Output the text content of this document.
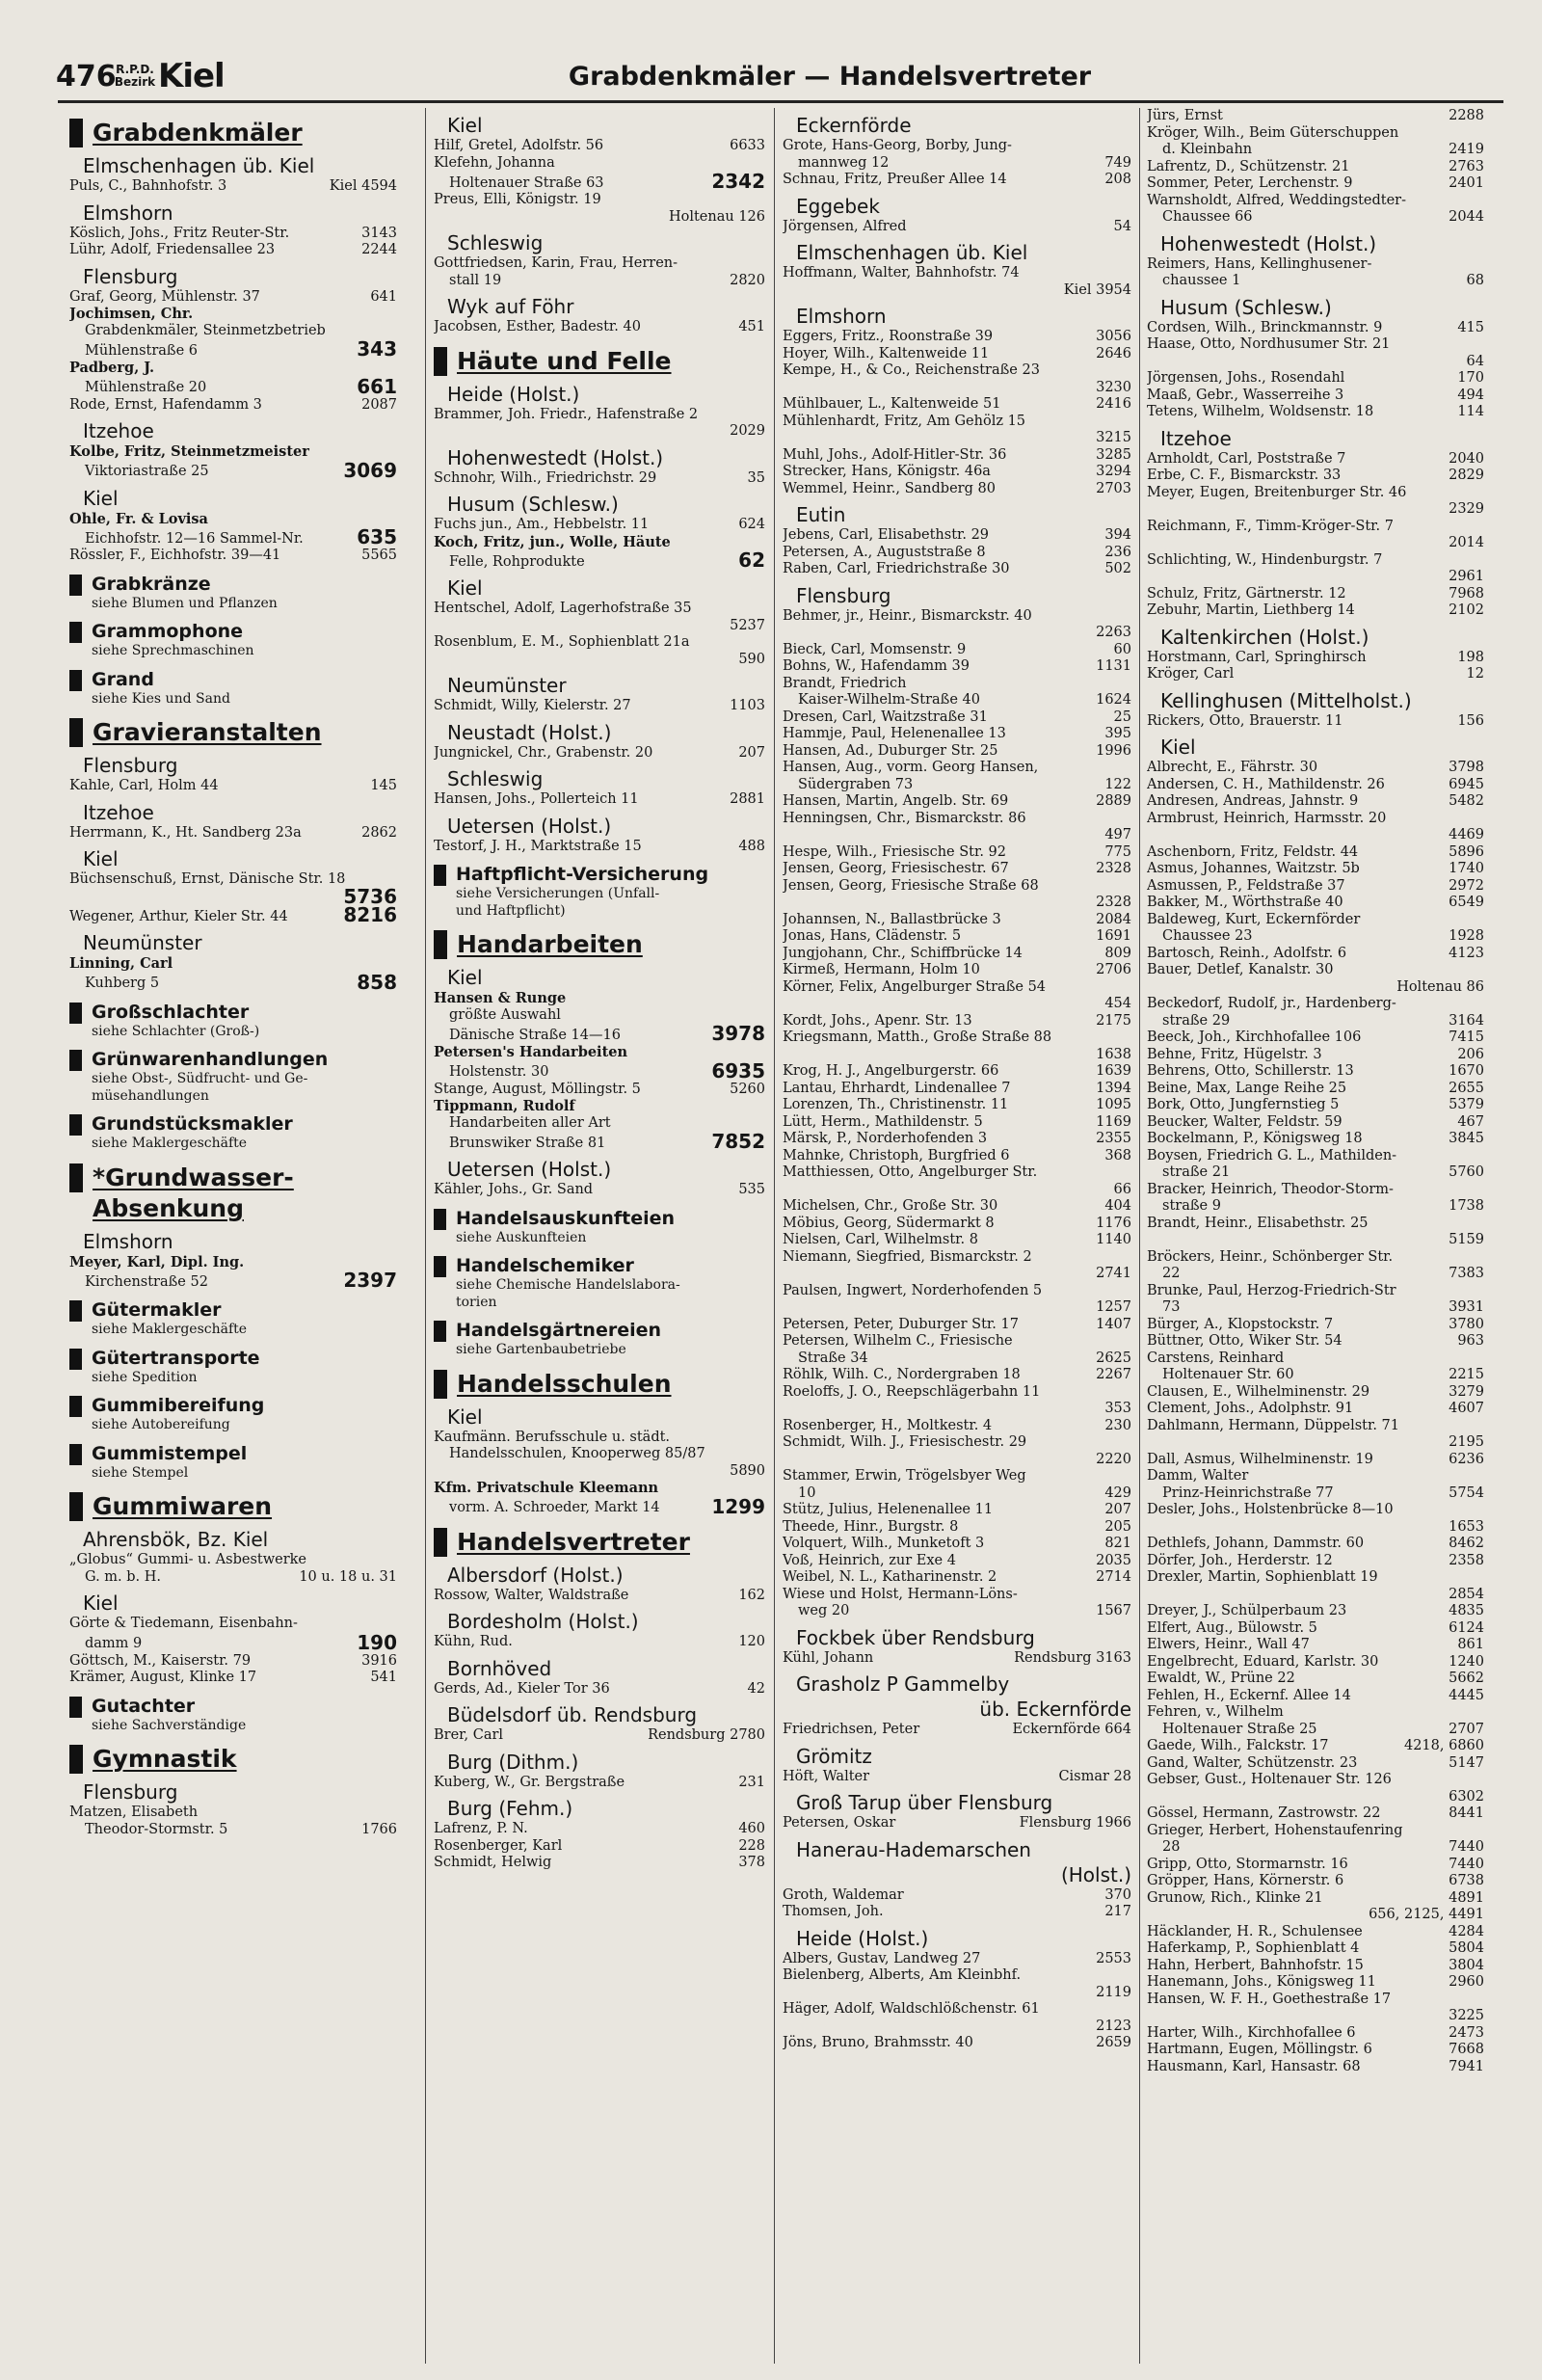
476 R.P.D.
Bezirk Kiel	Grabdenkmäler — Handelsvertreter
Grabdenkmäler
Elmschenhagen üb. Kiel
Puls, C., Bahnhofstr. 3	Kiel 4594
Elmshorn
Köslich, Johs., Fritz Reuter-Str.	3143
Lühr, Adolf, Friedensallee 23	2244
Flensburg
Graf, Georg, Mühlenstr. 37	641
Jochimsen, Chr.
Grabdenkmäler, Steinmetzbetrieb
Mühlenstraße 6	343
Padberg, J.
Mühlenstraße 20	661
Rode, Ernst, Hafendamm 3	2087
Itzehoe
Kolbe, Fritz, Steinmetzmeister
Viktoriastraße 25	3069
Kiel
Ohle, Fr. & Lovisa
Eichhofstr. 12—16 Sammel-Nr.	635
Rössler, F., Eichhofstr. 39—41	5565
Grabkränze
siehe Blumen und Pflanzen
Grammophone
siehe Sprechmaschinen
Grand
siehe Kies und Sand
Gravieranstalten
Flensburg
Kahle, Carl, Holm 44	145
Itzehoe
Herrmann, K., Ht. Sandberg 23a	2862
Kiel
Büchsenschuß, Ernst, Dänische Str. 18
5736
Wegener, Arthur, Kieler Str. 44	8216
Neumünster
Linning, Carl
Kuhberg 5	858
Großschlachter
siehe Schlachter (Groß-)
Grünwarenhandlungen
siehe Obst-, Südfrucht- und Ge-
müsehandlungen
Grundstücksmakler
siehe Maklergeschäfte
*Grundwasser-
Absenkung
Elmshorn
Meyer, Karl, Dipl. Ing.
Kirchenstraße 52	2397
Gütermakler
siehe Maklergeschäfte
Gütertransporte
siehe Spedition
Gummibereifung
siehe Autobereifung
Gummistempel
siehe Stempel
Gummiwaren
Ahrensbök, Bz. Kiel
„Globus“ Gummi- u. Asbestwerke
G. m. b. H.	10 u. 18 u. 31
Kiel
Görte & Tiedemann, Eisenbahn-
damm 9	190
Göttsch, M., Kaiserstr. 79	3916
Krämer, August, Klinke 17	541
Gutachter
siehe Sachverständige
Gymnastik
Flensburg
Matzen, Elisabeth
Theodor-Stormstr. 5	1766
Kiel
Hilf, Gretel, Adolfstr. 56	6633
Klefehn, Johanna
Holtenauer Straße 63	2342
Preus, Elli, Königstr. 19
Holtenau 126
Schleswig
Gottfriedsen, Karin, Frau, Herren-
stall 19	2820
Wyk auf Föhr
Jacobsen, Esther, Badestr. 40	451
Häute und Felle
Heide (Holst.)
Brammer, Joh. Friedr., Hafenstraße 2
2029
Hohenwestedt (Holst.)
Schnohr, Wilh., Friedrichstr. 29	35
Husum (Schlesw.)
Fuchs jun., Am., Hebbelstr. 11	624
Koch, Fritz, jun., Wolle, Häute
Felle, Rohprodukte	62
Kiel
Hentschel, Adolf, Lagerhofstraße 35
5237
Rosenblum, E. M., Sophienblatt 21a
590
Neumünster
Schmidt, Willy, Kielerstr. 27	1103
Neustadt (Holst.)
Jungnickel, Chr., Grabenstr. 20	207
Schleswig
Hansen, Johs., Pollerteich 11	2881
Uetersen (Holst.)
Testorf, J. H., Marktstraße 15	488
Haftpflicht-Versicherung
siehe Versicherungen (Unfall-
und Haftpflicht)
Handarbeiten
Kiel
Hansen & Runge
größte Auswahl
Dänische Straße 14—16	3978
Petersen's Handarbeiten
Holstenstr. 30	6935
Stange, August, Möllingstr. 5	5260
Tippmann, Rudolf
Handarbeiten aller Art
Brunswiker Straße 81	7852
Uetersen (Holst.)
Kähler, Johs., Gr. Sand	535
Handelsauskunfteien
siehe Auskunfteien
Handelschemiker
siehe Chemische Handelslabora-
torien
Handelsgärtnereien
siehe Gartenbaubetriebe
Handelsschulen
Kiel
Kaufmänn. Berufsschule u. städt.
Handelsschulen, Knooperweg 85/87
5890
Kfm. Privatschule Kleemann
vorm. A. Schroeder, Markt 14	1299
Handelsvertreter
Albersdorf (Holst.)
Rossow, Walter, Waldstraße	162
Bordesholm (Holst.)
Kühn, Rud.	120
Bornhöved
Gerds, Ad., Kieler Tor 36	42
Büdelsdorf üb. Rendsburg
Brer, Carl	Rendsburg 2780
Burg (Dithm.)
Kuberg, W., Gr. Bergstraße	231
Burg (Fehm.)
Lafrenz, P. N.	460
Rosenberger, Karl	228
Schmidt, Helwig	378
Eckernförde
Grote, Hans-Georg, Borby, Jung-
mannweg 12	749
Schnau, Fritz, Preußer Allee 14	208
Eggebek
Jörgensen, Alfred	54
Elmschenhagen üb. Kiel
Hoffmann, Walter, Bahnhofstr. 74
Kiel 3954
Elmshorn
Eggers, Fritz., Roonstraße 39	3056
Hoyer, Wilh., Kaltenweide 11	2646
Kempe, H., & Co., Reichenstraße 23
3230
Mühlbauer, L., Kaltenweide 51	2416
Mühlenhardt, Fritz, Am Gehölz 15
3215
Muhl, Johs., Adolf-Hitler-Str. 36	3285
Strecker, Hans, Königstr. 46a	3294
Wemmel, Heinr., Sandberg 80	2703
Eutin
Jebens, Carl, Elisabethstr. 29	394
Petersen, A., Auguststraße 8	236
Raben, Carl, Friedrichstraße 30	502
Flensburg
Behmer, jr., Heinr., Bismarckstr. 40
2263
Bieck, Carl, Momsenstr. 9	60
Bohns, W., Hafendamm 39	1131
Brandt, Friedrich
Kaiser-Wilhelm-Straße 40	1624
Dresen, Carl, Waitzstraße 31	25
Hammje, Paul, Helenenallee 13	395
Hansen, Ad., Duburger Str. 25	1996
Hansen, Aug., vorm. Georg Hansen,
Südergraben 73	122
Hansen, Martin, Angelb. Str. 69	2889
Henningsen, Chr., Bismarckstr. 86
497
Hespe, Wilh., Friesische Str. 92	775
Jensen, Georg, Friesischestr. 67	2328
Jensen, Georg, Friesische Straße 68
2328
Johannsen, N., Ballastbrücke 3	2084
Jonas, Hans, Clädenstr. 5	1691
Jungjohann, Chr., Schiffbrücke 14	809
Kirmeß, Hermann, Holm 10	2706
Körner, Felix, Angelburger Straße 54
454
Kordt, Johs., Apenr. Str. 13	2175
Kriegsmann, Matth., Große Straße 88
1638
Krog, H. J., Angelburgerstr. 66	1639
Lantau, Ehrhardt, Lindenallee 7	1394
Lorenzen, Th., Christinenstr. 11	1095
Lütt, Herm., Mathildenstr. 5	1169
Märsk, P., Norderhofenden 3	2355
Mahnke, Christoph, Burgfried 6	368
Matthiessen, Otto, Angelburger Str.
66
Michelsen, Chr., Große Str. 30	404
Möbius, Georg, Südermarkt 8	1176
Nielsen, Carl, Wilhelmstr. 8	1140
Niemann, Siegfried, Bismarckstr. 2
2741
Paulsen, Ingwert, Norderhofenden 5
1257
Petersen, Peter, Duburger Str. 17	1407
Petersen, Wilhelm C., Friesische
Straße 34	2625
Röhlk, Wilh. C., Nordergraben 18	2267
Roeloffs, J. O., Reepschlägerbahn 11
353
Rosenberger, H., Moltkestr. 4	230
Schmidt, Wilh. J., Friesischestr. 29
2220
Stammer, Erwin, Trögelsbyer Weg
10	429
Stütz, Julius, Helenenallee 11	207
Theede, Hinr., Burgstr. 8	205
Volquert, Wilh., Munketoft 3	821
Voß, Heinrich, zur Exe 4	2035
Weibel, N. L., Katharinenstr. 2	2714
Wiese und Holst, Hermann-Löns-
weg 20	1567
Fockbek über Rendsburg
Kühl, Johann	Rendsburg 3163
Grasholz P Gammelby
üb. Eckernförde
Friedrichsen, Peter	Eckernförde 664
Grömitz
Höft, Walter	Cismar 28
Groß Tarup über Flensburg
Petersen, Oskar	Flensburg 1966
Hanerau-Hademarschen
(Holst.)
Groth, Waldemar	370
Thomsen, Joh.	217
Heide (Holst.)
Albers, Gustav, Landweg 27	2553
Bielenberg, Alberts, Am Kleinbhf.
2119
Häger, Adolf, Waldschlößchenstr. 61
2123
Jöns, Bruno, Brahmsstr. 40	2659
Jürs, Ernst	2288
Kröger, Wilh., Beim Güterschuppen
d. Kleinbahn	2419
Lafrentz, D., Schützenstr. 21	2763
Sommer, Peter, Lerchenstr. 9	2401
Warnsholdt, Alfred, Weddingstedter-
Chaussee 66	2044
Hohenwestedt (Holst.)
Reimers, Hans, Kellinghusener-
chaussee 1	68
Husum (Schlesw.)
Cordsen, Wilh., Brinckmannstr. 9	415
Haase, Otto, Nordhusumer Str. 21
64
Jörgensen, Johs., Rosendahl	170
Maaß, Gebr., Wasserreihe 3	494
Tetens, Wilhelm, Woldsenstr. 18	114
Itzehoe
Arnholdt, Carl, Poststraße 7	2040
Erbe, C. F., Bismarckstr. 33	2829
Meyer, Eugen, Breitenburger Str. 46
2329
Reichmann, F., Timm-Kröger-Str. 7
2014
Schlichting, W., Hindenburgstr. 7
2961
Schulz, Fritz, Gärtnerstr. 12	7968
Zebuhr, Martin, Liethberg 14	2102
Kaltenkirchen (Holst.)
Horstmann, Carl, Springhirsch	198
Kröger, Carl	12
Kellinghusen (Mittelholst.)
Rickers, Otto, Brauerstr. 11	156
Kiel
Albrecht, E., Fährstr. 30	3798
Andersen, C. H., Mathildenstr. 26	6945
Andresen, Andreas, Jahnstr. 9	5482
Armbrust, Heinrich, Harmsstr. 20
4469
Aschenborn, Fritz, Feldstr. 44	5896
Asmus, Johannes, Waitzstr. 5b	1740
Asmussen, P., Feldstraße 37	2972
Bakker, M., Wörthstraße 40	6549
Baldeweg, Kurt, Eckernförder
Chaussee 23	1928
Bartosch, Reinh., Adolfstr. 6	4123
Bauer, Detlef, Kanalstr. 30
Holtenau 86
Beckedorf, Rudolf, jr., Hardenberg-
straße 29	3164
Beeck, Joh., Kirchhofallee 106	7415
Behne, Fritz, Hügelstr. 3	206
Behrens, Otto, Schillerstr. 13	1670
Beine, Max, Lange Reihe 25	2655
Bork, Otto, Jungfernstieg 5	5379
Beucker, Walter, Feldstr. 59	467
Bockelmann, P., Königsweg 18	3845
Boysen, Friedrich G. L., Mathilden-
straße 21	5760
Bracker, Heinrich, Theodor-Storm-
straße 9	1738
Brandt, Heinr., Elisabethstr. 25
5159
Bröckers, Heinr., Schönberger Str.
22	7383
Brunke, Paul, Herzog-Friedrich-Str
73	3931
Bürger, A., Klopstockstr. 7	3780
Büttner, Otto, Wiker Str. 54	963
Carstens, Reinhard
Holtenauer Str. 60	2215
Clausen, E., Wilhelminenstr. 29	3279
Clement, Johs., Adolphstr. 91	4607
Dahlmann, Hermann, Düppelstr. 71
2195
Dall, Asmus, Wilhelminenstr. 19	6236
Damm, Walter
Prinz-Heinrichstraße 77	5754
Desler, Johs., Holstenbrücke 8—10
1653
Dethlefs, Johann, Dammstr. 60	8462
Dörfer, Joh., Herderstr. 12	2358
Drexler, Martin, Sophienblatt 19
2854
Dreyer, J., Schülperbaum 23	4835
Elfert, Aug., Bülowstr. 5	6124
Elwers, Heinr., Wall 47	861
Engelbrecht, Eduard, Karlstr. 30	1240
Ewaldt, W., Prüne 22	5662
Fehlen, H., Eckernf. Allee 14	4445
Fehren, v., Wilhelm
Holtenauer Straße 25	2707
Gaede, Wilh., Falckstr. 17	4218, 6860
Gand, Walter, Schützenstr. 23	5147
Gebser, Gust., Holtenauer Str. 126
6302
Gössel, Hermann, Zastrowstr. 22	8441
Grieger, Herbert, Hohenstaufenring
28	7440
Gripp, Otto, Stormarnstr. 16	7440
Gröpper, Hans, Körnerstr. 6	6738
Grunow, Rich., Klinke 21	4891
656, 2125, 4491
Häcklander, H. R., Schulensee	4284
Haferkamp, P., Sophienblatt 4	5804
Hahn, Herbert, Bahnhofstr. 15	3804
Hanemann, Johs., Königsweg 11	2960
Hansen, W. F. H., Goethestraße 17
3225
Harter, Wilh., Kirchhofallee 6	2473
Hartmann, Eugen, Möllingstr. 6	7668
Hausmann, Karl, Hansastr. 68	7941
